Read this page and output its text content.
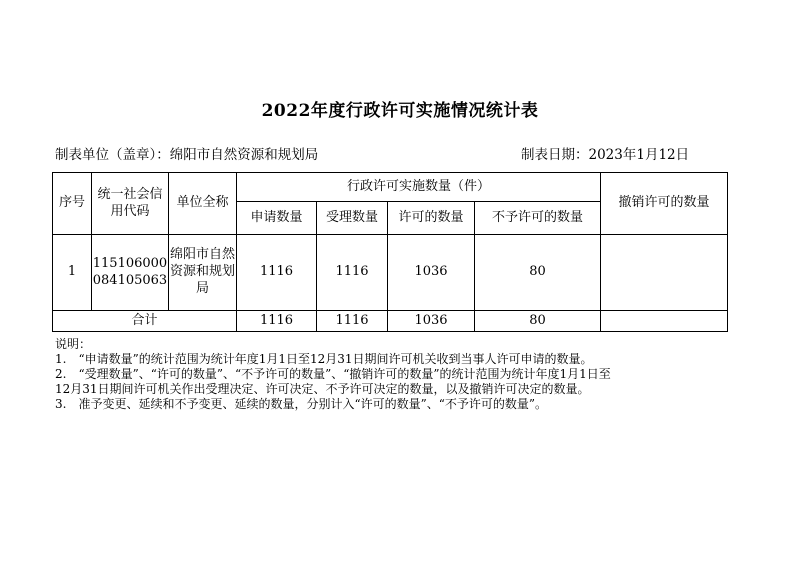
2022年度行政许可实施情况统计表
制表单位（盖章）：绵阳市自然资源和规划局	制表日期：2023年1月12日
序号	统一社会信用代码	单位全称	行政许可实施数量（件）				撤销许可的数量
			申请数量	受理数量	许可的数量	不予许可的数量	
1	115106000084105063	绵阳市自然资源和规划局	1116	1116	1036	80	
合计			1116	1116	1036	80	
说明：
1.　“申请数量”的统计范围为统计年度1月1日至12月31日期间许可机关收到当事人许可申请的数量。
2.　“受理数量”、“许可的数量”、“不予许可的数量”、“撤销许可的数量”的统计范围为统计年度1月1日至
12月31日期间许可机关作出受理决定、许可决定、不予许可决定的数量，以及撤销许可决定的数量。
3.　准予变更、延续和不予变更、延续的数量，分别计入“许可的数量”、“不予许可的数量”。
